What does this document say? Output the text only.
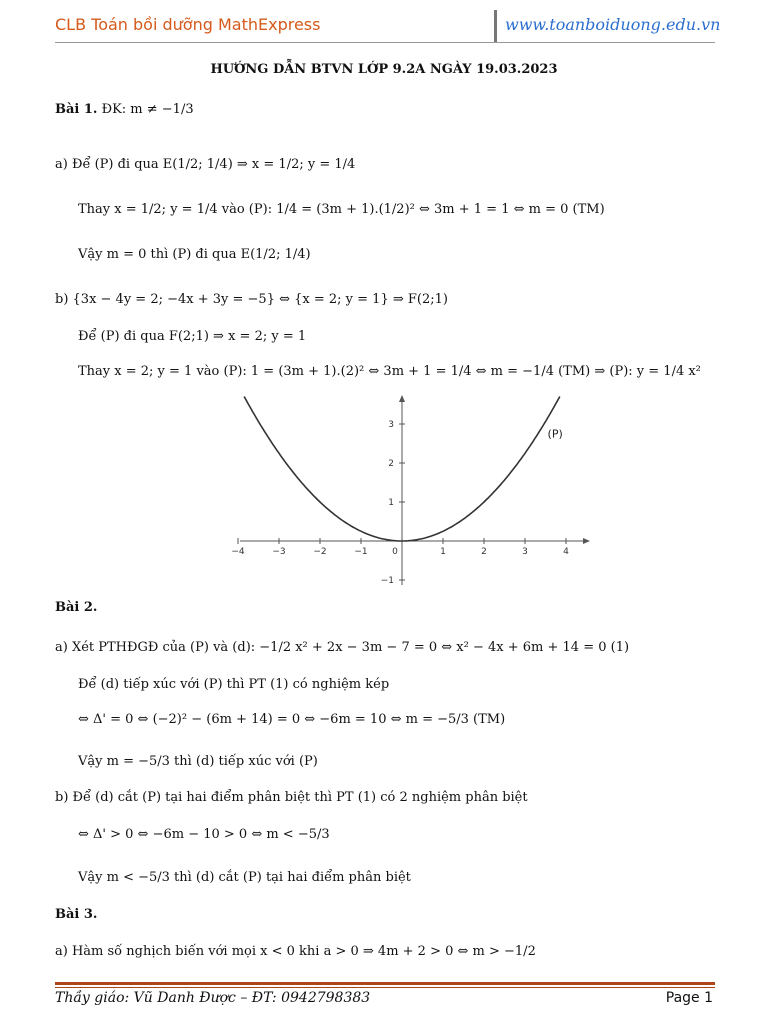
CLB Toán bồi dưỡng MathExpress	www.toanboiduong.edu.vn
HƯỚNG DẪN BTVN LỚP 9.2A NGÀY 19.03.2023
Bài 1. ĐK: m ≠ −1/3
a) Để (P) đi qua E(1/2; 1/4) ⇒ x = 1/2; y = 1/4
Thay x = 1/2; y = 1/4 vào (P): 1/4 = (3m + 1).(1/2)² ⇔ 3m + 1 = 1 ⇔ m = 0 (TM)
Vậy m = 0 thì (P) đi qua E(1/2; 1/4)
b) {3x − 4y = 2; −4x + 3y = −5} ⇔ {x = 2; y = 1} ⇒ F(2;1)
Để (P) đi qua F(2;1) ⇒ x = 2; y = 1
Thay x = 2; y = 1 vào (P): 1 = (3m + 1).(2)² ⇔ 3m + 1 = 1/4 ⇔ m = −1/4 (TM) ⇒ (P): y = 1/4 x²
Bài 2.
a) Xét PTHĐGĐ của (P) và (d): −1/2 x² + 2x − 3m − 7 = 0 ⇔ x² − 4x + 6m + 14 = 0 (1)
Để (d) tiếp xúc với (P) thì PT (1) có nghiệm kép
⇔ Δ' = 0 ⇔ (−2)² − (6m + 14) = 0 ⇔ −6m = 10 ⇔ m = −5/3 (TM)
Vậy m = −5/3 thì (d) tiếp xúc với (P)
b) Để (d) cắt (P) tại hai điểm phân biệt thì PT (1) có 2 nghiệm phân biệt
⇔ Δ' > 0 ⇔ −6m − 10 > 0 ⇔ m < −5/3
Vậy m < −5/3 thì (d) cắt (P) tại hai điểm phân biệt
Bài 3.
a) Hàm số nghịch biến với mọi x < 0 khi a > 0 ⇒ 4m + 2 > 0 ⇔ m > −1/2
−4	−3	−2	−1	0	1	2	3	4
3
2
1
−1
(P)
Thầy giáo: Vũ Danh Được – ĐT: 0942798383	Page 1
